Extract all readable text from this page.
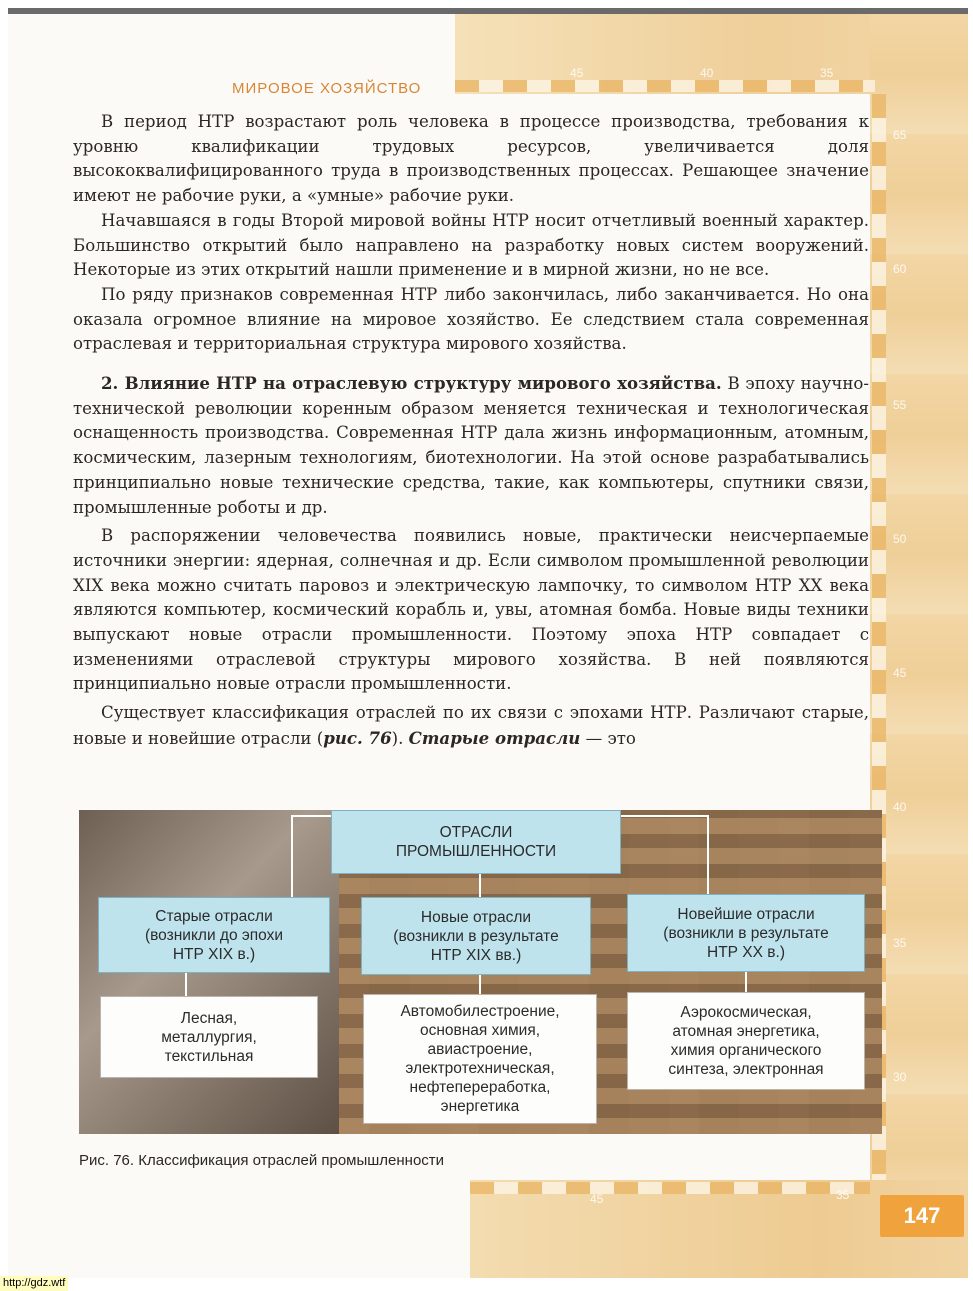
45	40	35
65
60
55
50
45
40
35
30
45	35
МИРОВОЕ ХОЗЯЙСТВО

В период НТР возрастают роль человека в процессе производства, требования к уровню квалификации трудовых ресурсов, увеличивается доля высококвалифицированного труда в производственных процессах. Решающее значение имеют не рабочие руки, а «умные» рабочие руки.

Начавшаяся в годы Второй мировой войны НТР носит отчетливый военный характер. Большинство открытий было направлено на разработку новых систем вооружений. Некоторые из этих открытий нашли применение и в мирной жизни, но не все.

По ряду признаков современная НТР либо закончилась, либо заканчивается. Но она оказала огромное влияние на мировое хозяйство. Ее следствием стала современная отраслевая и территориальная структура мирового хозяйства.

2. Влияние НТР на отраслевую структуру мирового хозяйства. В эпоху научно-технической революции коренным образом меняется техническая и технологическая оснащенность производства. Современная НТР дала жизнь информационным, атомным, космическим, лазерным технологиям, биотехнологии. На этой основе разрабатывались принципиально новые технические средства, такие, как компьютеры, спутники связи, промышленные роботы и др.

В распоряжении человечества появились новые, практически неисчерпаемые источники энергии: ядерная, солнечная и др. Если символом промышленной революции XIX века можно считать паровоз и электрическую лампочку, то символом НТР XX века являются компьютер, космический корабль и, увы, атомная бомба. Новые виды техники выпускают новые отрасли промышленности. Поэтому эпоха НТР совпадает с изменениями отраслевой структуры мирового хозяйства. В ней появляются принципиально новые отрасли промышленности.

Существует классификация отраслей по их связи с эпохами НТР. Различают старые, новые и новейшие отрасли (рис. 76). Старые отрасли — это

ОТРАСЛИ
ПРОМЫШЛЕННОСТИ
Старые отрасли
(возникли до эпохи
НТР XIX в.)
Новые отрасли
(возникли в результате
НТР XIX вв.)
Новейшие отрасли
(возникли в результате
НТР XX в.)
Лесная,
металлургия,
текстильная
Автомобилестроение,
основная химия,
авиастроение,
электротехническая,
нефтепереработка,
энергетика
Аэрокосмическая,
атомная энергетика,
химия органического
синтеза, электронная
Рис. 76. Классификация отраслей промышленности
147
http://gdz.wtf
